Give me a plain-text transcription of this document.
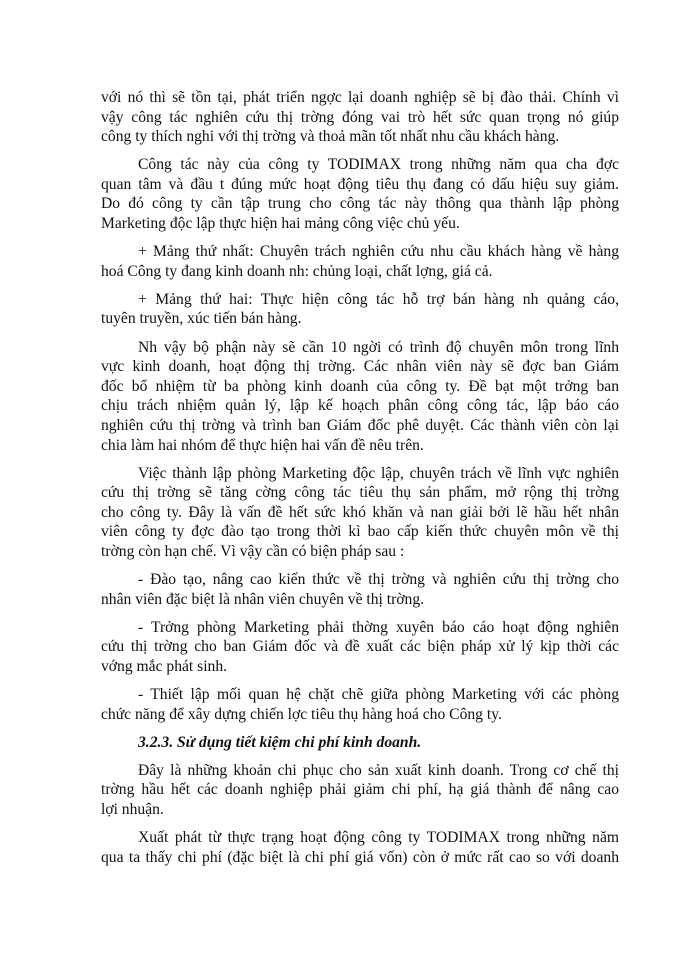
với nó thì sẽ tồn tại, phát triển ngợc lại doanh nghiệp sẽ bị đào thải. Chính vì
vậy công tác nghiên cứu thị trờng đóng vai trò hết sức quan trọng nó giúp
công ty thích nghi với thị trờng và thoả mãn tốt nhất nhu cầu khách hàng.
Công tác này của công ty TODIMAX trong những năm qua cha đợc
quan tâm và đầu t đúng mức hoạt động tiêu thụ đang có dấu hiệu suy giảm.
Do đó công ty cần tập trung cho công tác này thông qua thành lập phòng
Marketing độc lập thực hiện hai mảng công việc chủ yếu.
+ Mảng thứ nhất: Chuyên trách nghiên cứu nhu cầu khách hàng về hàng
hoá Công ty đang kinh doanh nh: chủng loại, chất lợng, giá cả.
+ Mảng thứ hai: Thực hiện công tác hỗ trợ bán hàng nh quảng cáo,
tuyên truyền, xúc tiến bán hàng.
Nh vậy bộ phận này sẽ cần 10 ngời có trình độ chuyên môn trong lĩnh
vực kinh doanh, hoạt động thị trờng. Các nhân viên này sẽ đợc ban Giám
đốc bổ nhiệm từ ba phòng kinh doanh của công ty. Đề bạt một trởng ban
chịu trách nhiệm quản lý, lập kế hoạch phân công công tác, lập báo cáo
nghiên cứu thị trờng và trình ban Giám đốc phê duyệt. Các thành viên còn lại
chia làm hai nhóm để thực hiện hai vấn đề nêu trên.
Việc thành lập phòng Marketing độc lập, chuyên trách về lĩnh vực nghiên
cứu thị trờng sẽ tăng cờng công tác tiêu thụ sản phẩm, mở rộng thị trờng
cho công ty. Đây là vấn đề hết sức khó khăn và nan giải bởi lẽ hầu hết nhân
viên công ty đợc đào tạo trong thời kì bao cấp kiến thức chuyên môn về thị
trờng còn hạn chế. Vì vậy cần có biện pháp sau :
- Đào tạo, nâng cao kiến thức về thị trờng và nghiên cứu thị trờng cho
nhân viên đặc biệt là nhân viên chuyên về thị trờng.
- Trởng phòng Marketing phải thờng xuyên báo cáo hoạt động nghiên
cứu thị trờng cho ban Giám đốc và đề xuất các biện pháp xử lý kịp thời các
vớng mắc phát sinh.
- Thiết lập mối quan hệ chặt chẽ giữa phòng Marketing với các phòng
chức năng để xây dựng chiến lợc tiêu thụ hàng hoá cho Công ty.
3.2.3. Sử dụng tiết kiệm chi phí kinh doanh.
Đây là những khoản chi phục cho sản xuất kinh doanh. Trong cơ chế thị
trờng hầu hết các doanh nghiệp phải giảm chi phí, hạ giá thành để nâng cao
lợi nhuận.
Xuất phát từ thực trạng hoạt động công ty TODIMAX trong những năm
qua ta thấy chi phí (đặc biệt là chi phí giá vốn) còn ở mức rất cao so với doanh
